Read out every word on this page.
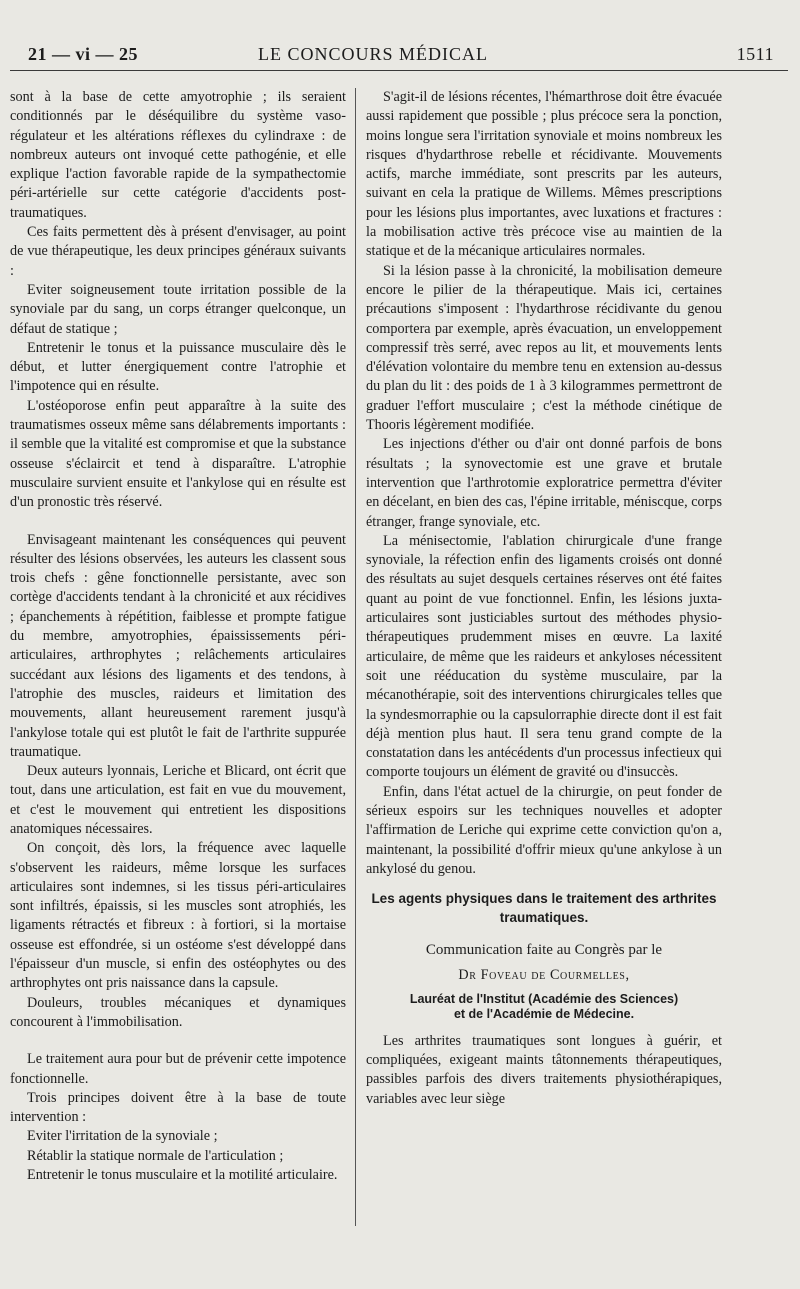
21 — vi — 25	LE CONCOURS MÉDICAL	1511

sont à la base de cette amyotrophie ; ils seraient conditionnés par le déséquilibre du système vaso-régulateur et les altérations réflexes du cylindraxe : de nombreux auteurs ont invoqué cette pathogénie, et elle explique l'action favorable rapide de la sympathectomie péri-artérielle sur cette catégorie d'accidents post-traumatiques.

Ces faits permettent dès à présent d'envisager, au point de vue thérapeutique, les deux principes généraux suivants :

Eviter soigneusement toute irritation possible de la synoviale par du sang, un corps étranger quelconque, un défaut de statique ;

Entretenir le tonus et la puissance musculaire dès le début, et lutter énergiquement contre l'atrophie et l'impotence qui en résulte.

L'ostéoporose enfin peut apparaître à la suite des traumatismes osseux même sans délabrements importants : il semble que la vitalité est compromise et que la substance osseuse s'éclaircit et tend à disparaître. L'atrophie musculaire survient ensuite et l'ankylose qui en résulte est d'un pronostic très réservé.

Envisageant maintenant les conséquences qui peuvent résulter des lésions observées, les auteurs les classent sous trois chefs : gêne fonctionnelle persistante, avec son cortège d'accidents tendant à la chronicité et aux récidives ; épanchements à répétition, faiblesse et prompte fatigue du membre, amyotrophies, épaississements péri-articulaires, arthrophytes ; relâchements articulaires succédant aux lésions des ligaments et des tendons, à l'atrophie des muscles, raideurs et limitation des mouvements, allant heureusement rarement jusqu'à l'ankylose totale qui est plutôt le fait de l'arthrite suppurée traumatique.

Deux auteurs lyonnais, Leriche et Blicard, ont écrit que tout, dans une articulation, est fait en vue du mouvement, et c'est le mouvement qui entretient les dispositions anatomiques nécessaires.

On conçoit, dès lors, la fréquence avec laquelle s'observent les raideurs, même lorsque les surfaces articulaires sont indemnes, si les tissus péri-articulaires sont infiltrés, épaissis, si les muscles sont atrophiés, les ligaments rétractés et fibreux : à fortiori, si la mortaise osseuse est effondrée, si un ostéome s'est développé dans l'épaisseur d'un muscle, si enfin des ostéophytes ou des arthrophytes ont pris naissance dans la capsule.

Douleurs, troubles mécaniques et dynamiques concourent à l'immobilisation.

Le traitement aura pour but de prévenir cette impotence fonctionnelle.

Trois principes doivent être à la base de toute intervention :

Eviter l'irritation de la synoviale ;

Rétablir la statique normale de l'articulation ;

Entretenir le tonus musculaire et la motilité articulaire.

S'agit-il de lésions récentes, l'hémarthrose doit être évacuée aussi rapidement que possible ; plus précoce sera la ponction, moins longue sera l'irritation synoviale et moins nombreux les risques d'hydarthrose rebelle et récidivante. Mouvements actifs, marche immédiate, sont prescrits par les auteurs, suivant en cela la pratique de Willems. Mêmes prescriptions pour les lésions plus importantes, avec luxations et fractures : la mobilisation active très précoce vise au maintien de la statique et de la mécanique articulaires normales.

Si la lésion passe à la chronicité, la mobilisation demeure encore le pilier de la thérapeutique. Mais ici, certaines précautions s'imposent : l'hydarthrose récidivante du genou comportera par exemple, après évacuation, un enveloppement compressif très serré, avec repos au lit, et mouvements lents d'élévation volontaire du membre tenu en extension au-dessus du plan du lit : des poids de 1 à 3 kilogrammes permettront de graduer l'effort musculaire ; c'est la méthode cinétique de Thooris légèrement modifiée.

Les injections d'éther ou d'air ont donné parfois de bons résultats ; la synovectomie est une grave et brutale intervention que l'arthrotomie exploratrice permettra d'éviter en décelant, en bien des cas, l'épine irritable, méniscque, corps étranger, frange synoviale, etc.

La ménisectomie, l'ablation chirurgicale d'une frange synoviale, la réfection enfin des ligaments croisés ont donné des résultats au sujet desquels certaines réserves ont été faites quant au point de vue fonctionnel. Enfin, les lésions juxta-articulaires sont justiciables surtout des méthodes physio-thérapeutiques prudemment mises en œuvre. La laxité articulaire, de même que les raideurs et ankyloses nécessitent soit une rééducation du système musculaire, par la mécanothérapie, soit des interventions chirurgicales telles que la syndesmorraphie ou la capsulorraphie directe dont il est fait déjà mention plus haut. Il sera tenu grand compte de la constatation dans les antécédents d'un processus infectieux qui comporte toujours un élément de gravité ou d'insuccès.

Enfin, dans l'état actuel de la chirurgie, on peut fonder de sérieux espoirs sur les techniques nouvelles et adopter l'affirmation de Leriche qui exprime cette conviction qu'on a, maintenant, la possibilité d'offrir mieux qu'une ankylose à un ankylosé du genou.

Les agents physiques dans le traitement des arthrites traumatiques.
Communication faite au Congrès par le
Dr Foveau de Courmelles,
Lauréat de l'Institut (Académie des Sciences)
et de l'Académie de Médecine.

Les arthrites traumatiques sont longues à guérir, et compliquées, exigeant maints tâtonnements thérapeutiques, passibles parfois des divers traitements physiothérapiques, variables avec leur siège
